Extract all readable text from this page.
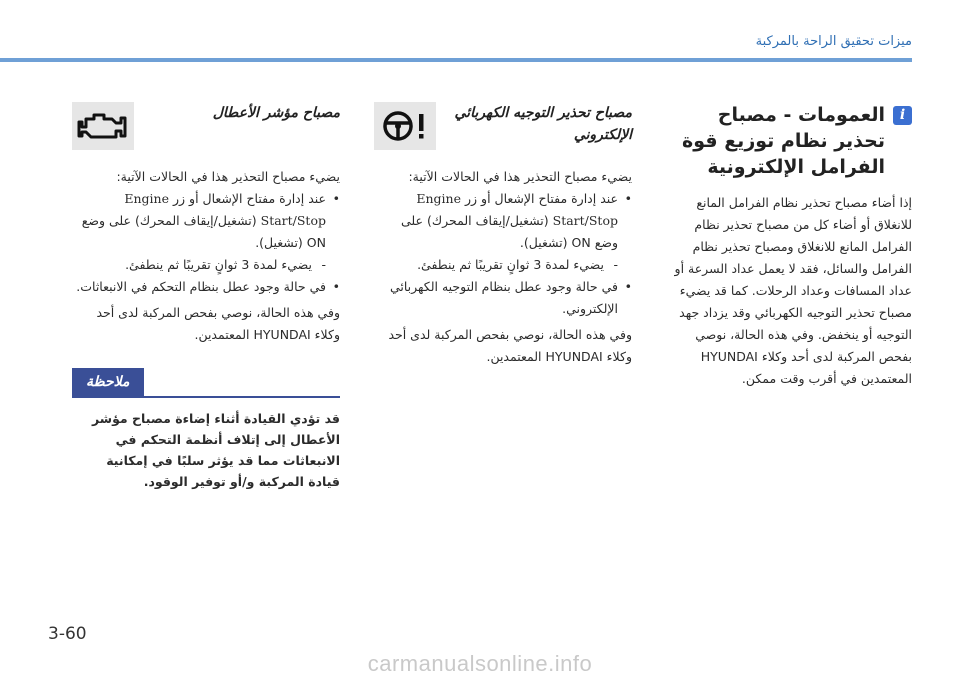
ميزات تحقيق الراحة بالمركبة
i
العمومات - مصباح تحذير نظام توزيع قوة الفرامل الإلكترونية

إذا أضاء مصباح تحذير نظام الفرامل المانع للانغلاق أو أضاء كل من مصباح تحذير نظام الفرامل المانع للانغلاق ومصباح تحذير نظام الفرامل والسائل، فقد لا يعمل عداد السرعة أو عداد المسافات وعداد الرحلات. كما قد يضيء مصباح تحذير التوجيه الكهربائي وقد يزداد جهد التوجيه أو ينخفض. وفي هذه الحالة، نوصي بفحص المركبة لدى أحد وكلاء HYUNDAI المعتمدين في أقرب وقت ممكن.

مصباح تحذير التوجيه الكهربائي الإلكتروني
يضيء مصباح التحذير هذا في الحالات الآتية:
• عند إدارة مفتاح الإشعال أو زر Engine Start/Stop (تشغيل/إيقاف المحرك) على وضع ON (تشغيل).
- يضيء لمدة 3 ثوانٍ تقريبًا ثم ينطفئ.
• في حالة وجود عطل بنظام التوجيه الكهربائي الإلكتروني.
وفي هذه الحالة، نوصي بفحص المركبة لدى أحد وكلاء HYUNDAI المعتمدين.
مصباح مؤشر الأعطال
يضيء مصباح التحذير هذا في الحالات الآتية:
• عند إدارة مفتاح الإشعال أو زر Engine Start/Stop (تشغيل/إيقاف المحرك) على وضع ON (تشغيل).
- يضيء لمدة 3 ثوانٍ تقريبًا ثم ينطفئ.
• في حالة وجود عطل بنظام التحكم في الانبعاثات.
وفي هذه الحالة، نوصي بفحص المركبة لدى أحد وكلاء HYUNDAI المعتمدين.
ملاحظة

قد تؤدي القيادة أثناء إضاءة مصباح مؤشر الأعطال إلى إتلاف أنظمة التحكم في الانبعاثات مما قد يؤثر سلبًا في إمكانية قيادة المركبة و/أو توفير الوقود.

3-60
carmanualsonline.info
